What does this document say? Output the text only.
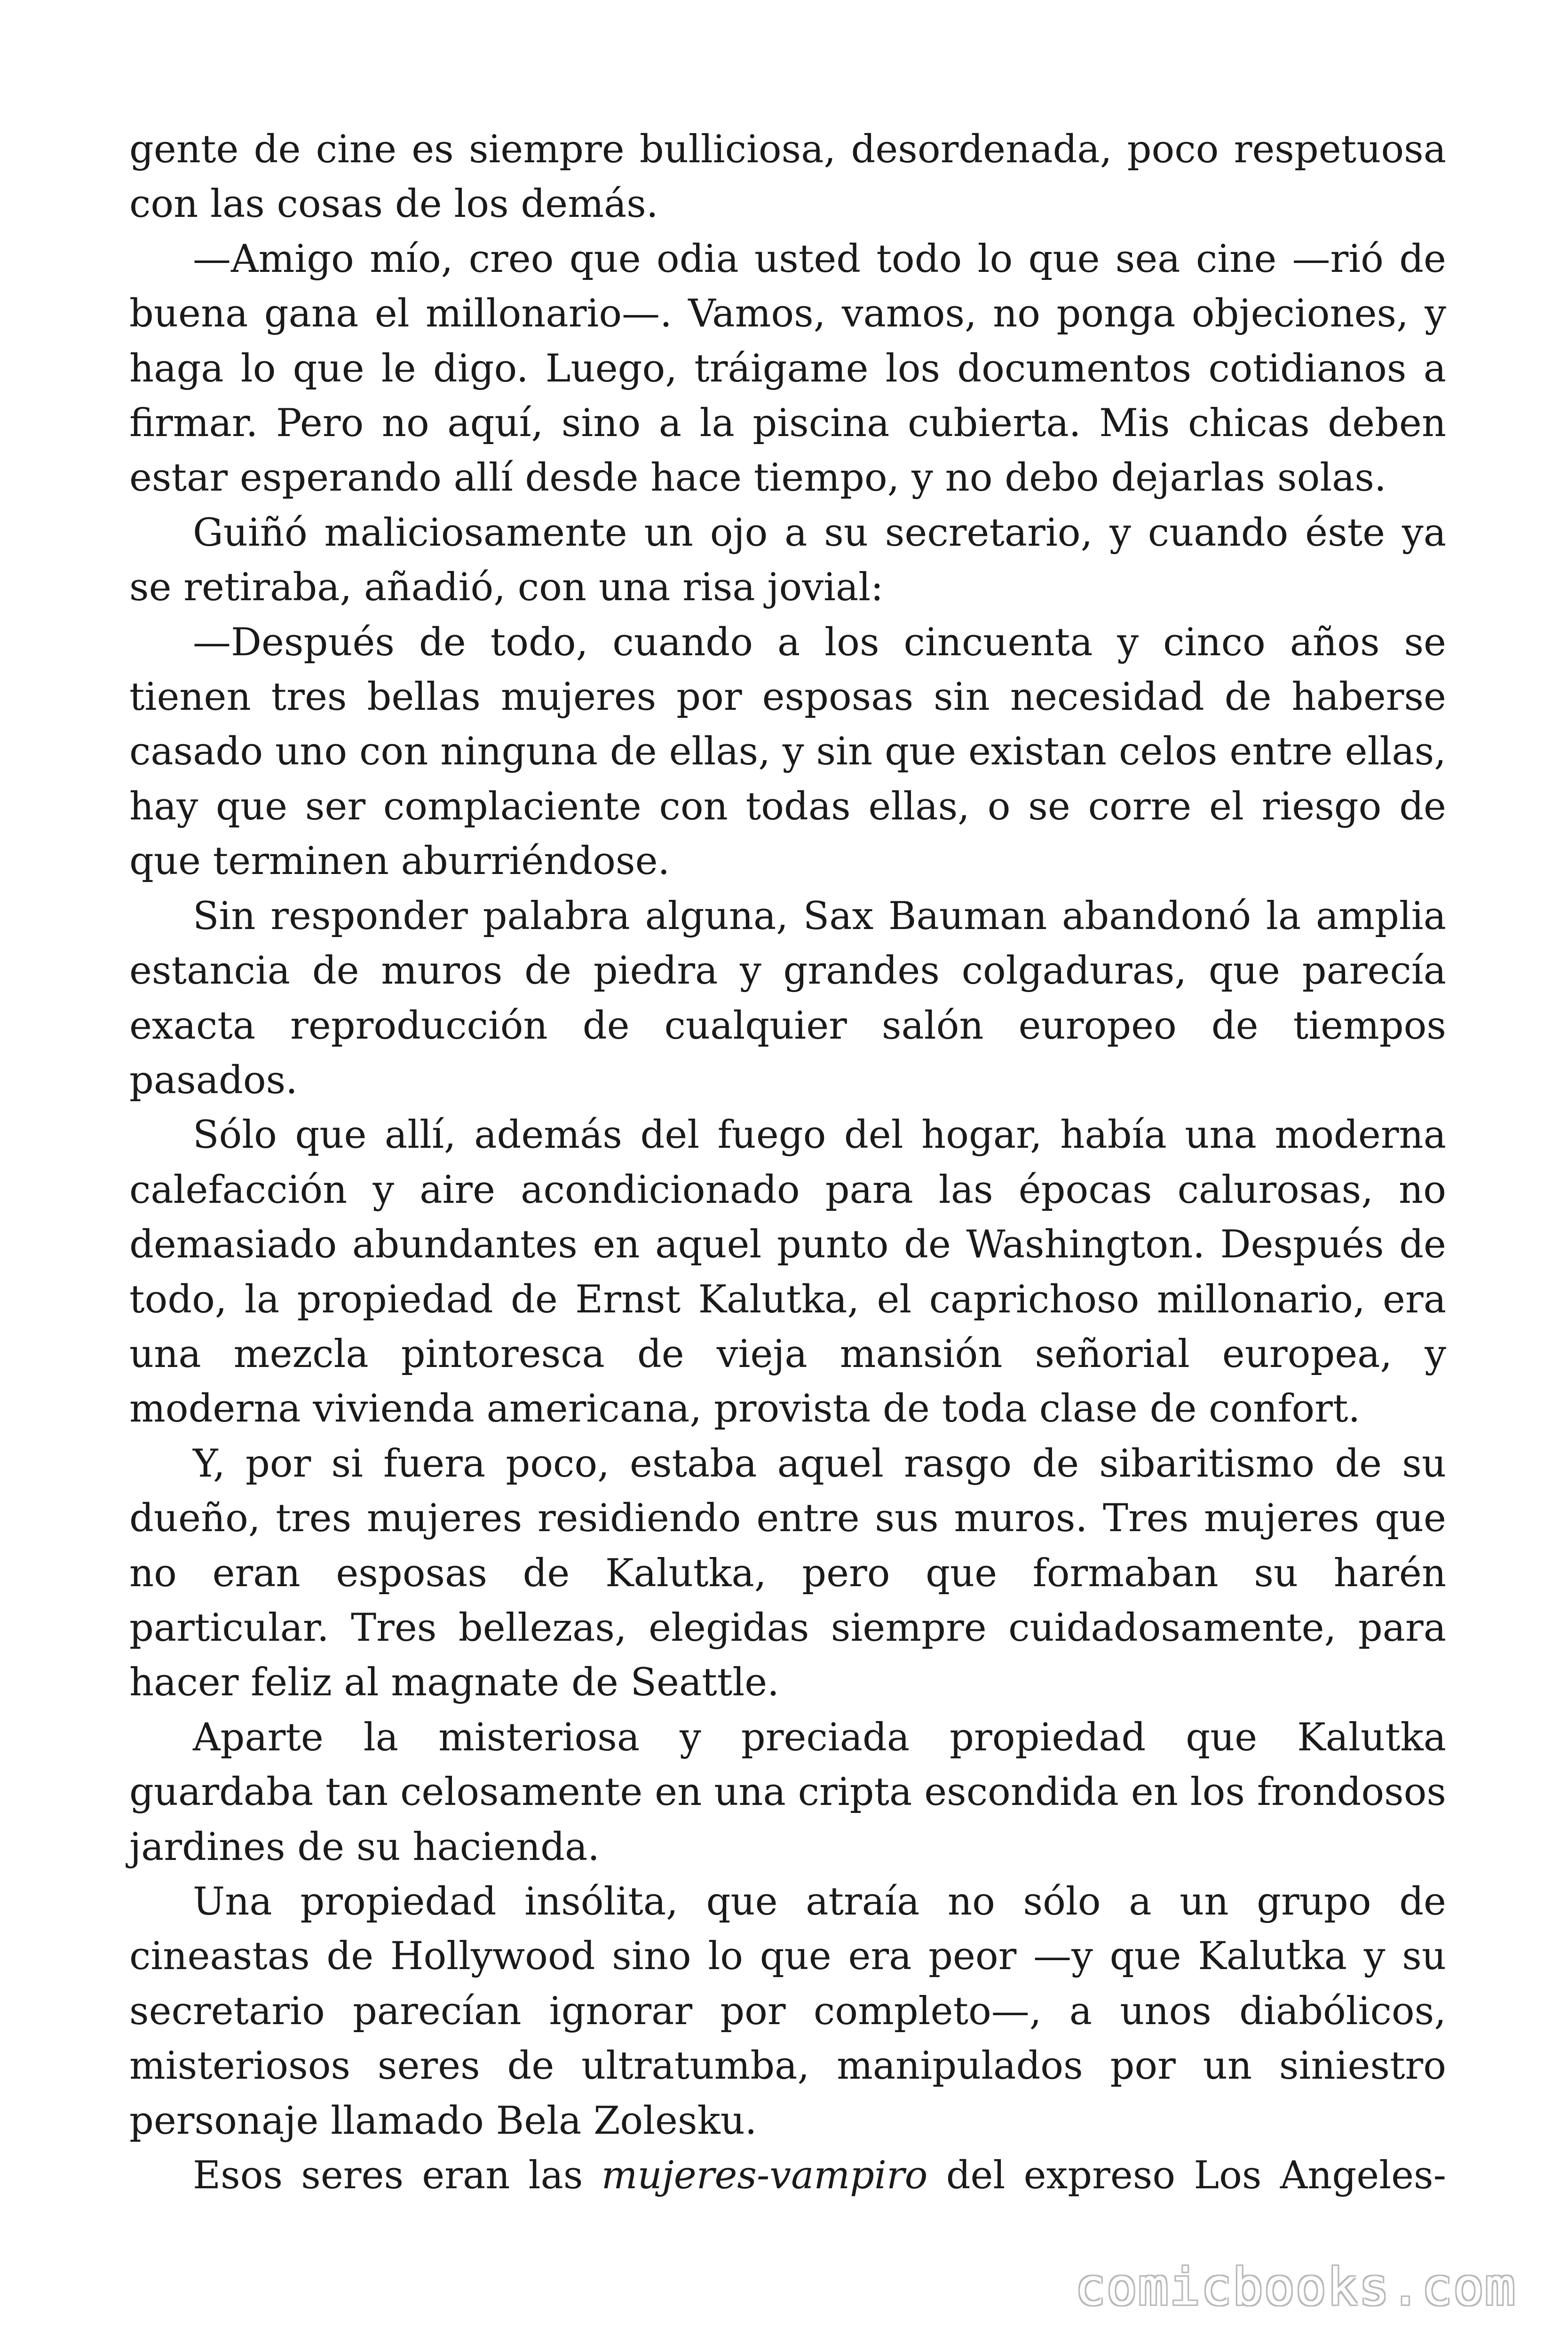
gente de cine es siempre bulliciosa, desordenada, poco respetuosa con las cosas de los demás.

—Amigo mío, creo que odia usted todo lo que sea cine —rió de buena gana el millonario—. Vamos, vamos, no ponga objeciones, y haga lo que le digo. Luego, tráigame los documentos cotidianos a firmar. Pero no aquí, sino a la piscina cubierta. Mis chicas deben estar esperando allí desde hace tiempo, y no debo dejarlas solas.

Guiñó maliciosamente un ojo a su secretario, y cuando éste ya se retiraba, añadió, con una risa jovial:

—Después de todo, cuando a los cincuenta y cinco años se tienen tres bellas mujeres por esposas sin necesidad de haberse casado uno con ninguna de ellas, y sin que existan celos entre ellas, hay que ser complaciente con todas ellas, o se corre el riesgo de que terminen aburriéndose.

Sin responder palabra alguna, Sax Bauman abandonó la amplia estancia de muros de piedra y grandes colgaduras, que parecía exacta reproducción de cualquier salón europeo de tiempos pasados.

Sólo que allí, además del fuego del hogar, había una moderna calefacción y aire acondicionado para las épocas calurosas, no demasiado abundantes en aquel punto de Washington. Después de todo, la propiedad de Ernst Kalutka, el caprichoso millonario, era una mezcla pintoresca de vieja mansión señorial europea, y moderna vivienda americana, provista de toda clase de confort.

Y, por si fuera poco, estaba aquel rasgo de sibaritismo de su dueño, tres mujeres residiendo entre sus muros. Tres mujeres que no eran esposas de Kalutka, pero que formaban su harén particular. Tres bellezas, elegidas siempre cuidadosamente, para hacer feliz al magnate de Seattle.

Aparte la misteriosa y preciada propiedad que Kalutka guardaba tan celosamente en una cripta escondida en los frondosos jardines de su hacienda.

Una propiedad insólita, que atraía no sólo a un grupo de cineastas de Hollywood sino lo que era peor —y que Kalutka y su secretario parecían ignorar por completo—, a unos diabólicos, misteriosos seres de ultratumba, manipulados por un siniestro personaje llamado Bela Zolesku.

Esos seres eran las mujeres-vampiro del expreso Los Angeles-

comicbooks.com
